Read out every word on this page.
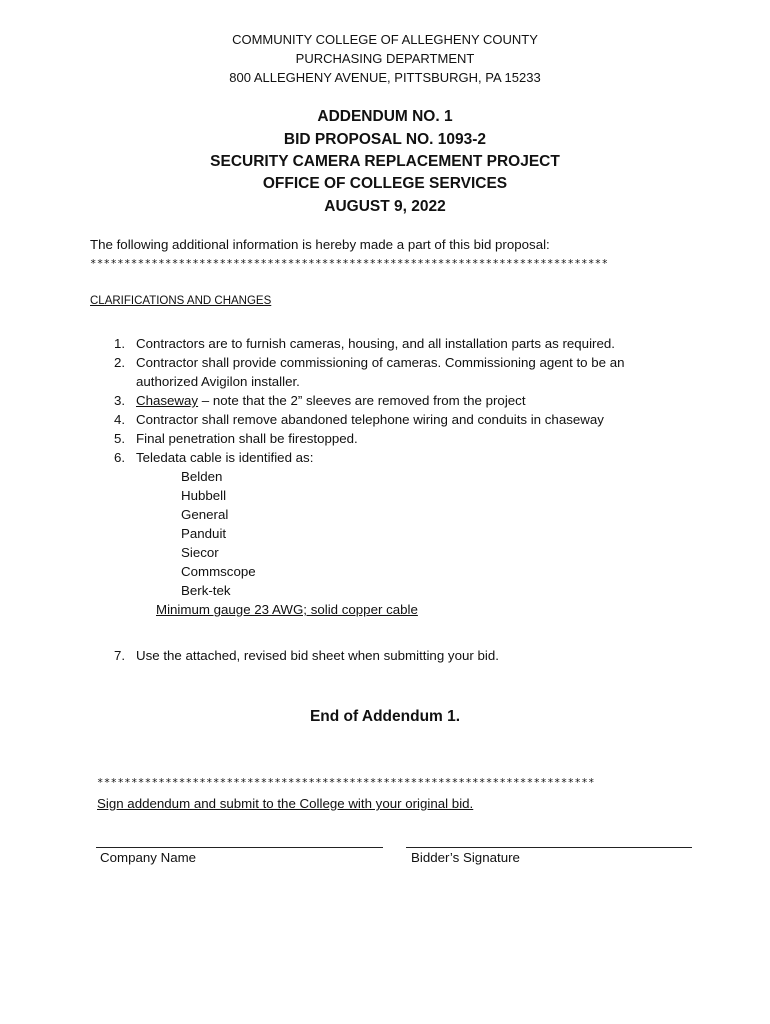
COMMUNITY COLLEGE OF ALLEGHENY COUNTY
PURCHASING DEPARTMENT
800 ALLEGHENY AVENUE, PITTSBURGH, PA 15233
ADDENDUM NO. 1
BID PROPOSAL NO. 1093-2
SECURITY CAMERA REPLACEMENT PROJECT
OFFICE OF COLLEGE SERVICES
AUGUST 9, 2022
The following additional information is hereby made a part of this bid proposal:
****************************************************************************
CLARIFICATIONS AND CHANGES
1. Contractors are to furnish cameras, housing, and all installation parts as required.
2. Contractor shall provide commissioning of cameras. Commissioning agent to be an
authorized Avigilon installer.
3. Chaseway – note that the 2” sleeves are removed from the project
4. Contractor shall remove abandoned telephone wiring and conduits in chaseway
5. Final penetration shall be firestopped.
6. Teledata cable is identified as:
Belden
Hubbell
General
Panduit
Siecor
Commscope
Berk-tek
Minimum gauge 23 AWG; solid copper cable
7. Use the attached, revised bid sheet when submitting your bid.
End of Addendum 1.
*************************************************************************
Sign addendum and submit to the College with your original bid.
Company Name	Bidder’s Signature
